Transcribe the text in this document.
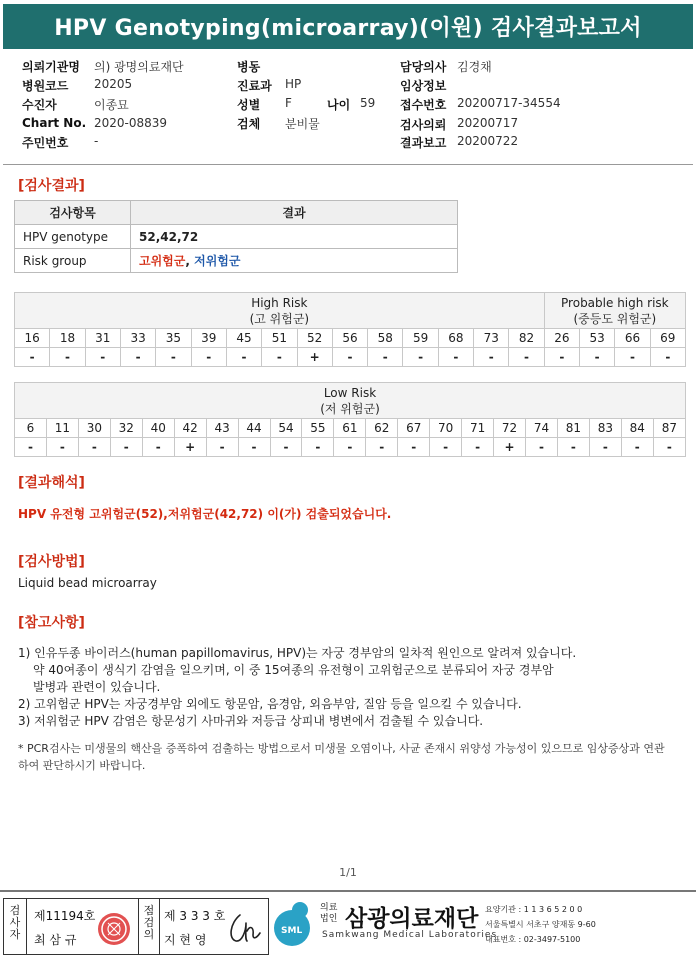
HPV Genotyping(microarray)(이원) 검사결과보고서
의뢰기관명 의) 광명의료재단
병원코드 20205
수진자	이종묘
Chart No. 2020-08839
주민번호 -
병동
진료과 HP
성별 F
검체 분비물
나이 59
담당의사 김경채
임상정보
접수번호 20200717-34554
검사의뢰 20200717
결과보고 20200722
[검사결과]
검사항목	결과
HPV genotype	52,42,72
Risk group	고위험군, 저위험군
High Risk
(고 위험군)															Probable high risk
(중등도 위험군)			
16	18	31	33	35	39	45	51	52	56	58	59	68	73	82	26	53	66	69
-	-	-	-	-	-	-	-	+	-	-	-	-	-	-	-	-	-	-
Low Risk
(저 위험군)																				
6	11	30	32	40	42	43	44	54	55	61	62	67	70	71	72	74	81	83	84	87
-	-	-	-	-	+	-	-	-	-	-	-	-	-	-	+	-	-	-	-	-
[결과해석]
HPV 유전형 고위험군(52),저위험군(42,72) 이(가) 검출되었습니다.
[검사방법]
Liquid bead microarray
[참고사항]
1) 인유두종 바이러스(human papillomavirus, HPV)는 자궁 경부암의 일차적 원인으로 알려져 있습니다.
약 40여종이 생식기 감염을 일으키며, 이 중 15여종의 유전형이 고위험군으로 분류되어 자궁 경부암
발병과 관련이 있습니다.
2) 고위험군 HPV는 자궁경부암 외에도 항문암, 음경암, 외음부암, 질암 등을 일으킬 수 있습니다.
3) 저위험군 HPV 감염은 항문성기 사마귀와 저등급 상피내 병변에서 검출될 수 있습니다.
* PCR검사는 미생물의 핵산을 증폭하여 검출하는 방법으로서 미생물 오염이나, 사균 존재시 위양성 가능성이 있으므로 임상증상과 연관하여 판단하시기 바랍니다.
1/1
검사자
제11194호
최 삼 규
점검의
제 3 3 3 호
지 현 영
SML
의료
법인 삼광의료재단
Samkwang Medical Laboratories
요양기관 : 1 1 3 6 5 2 0 0
서울특별시 서초구 양재동 9-60
대표번호 : 02-3497-5100
